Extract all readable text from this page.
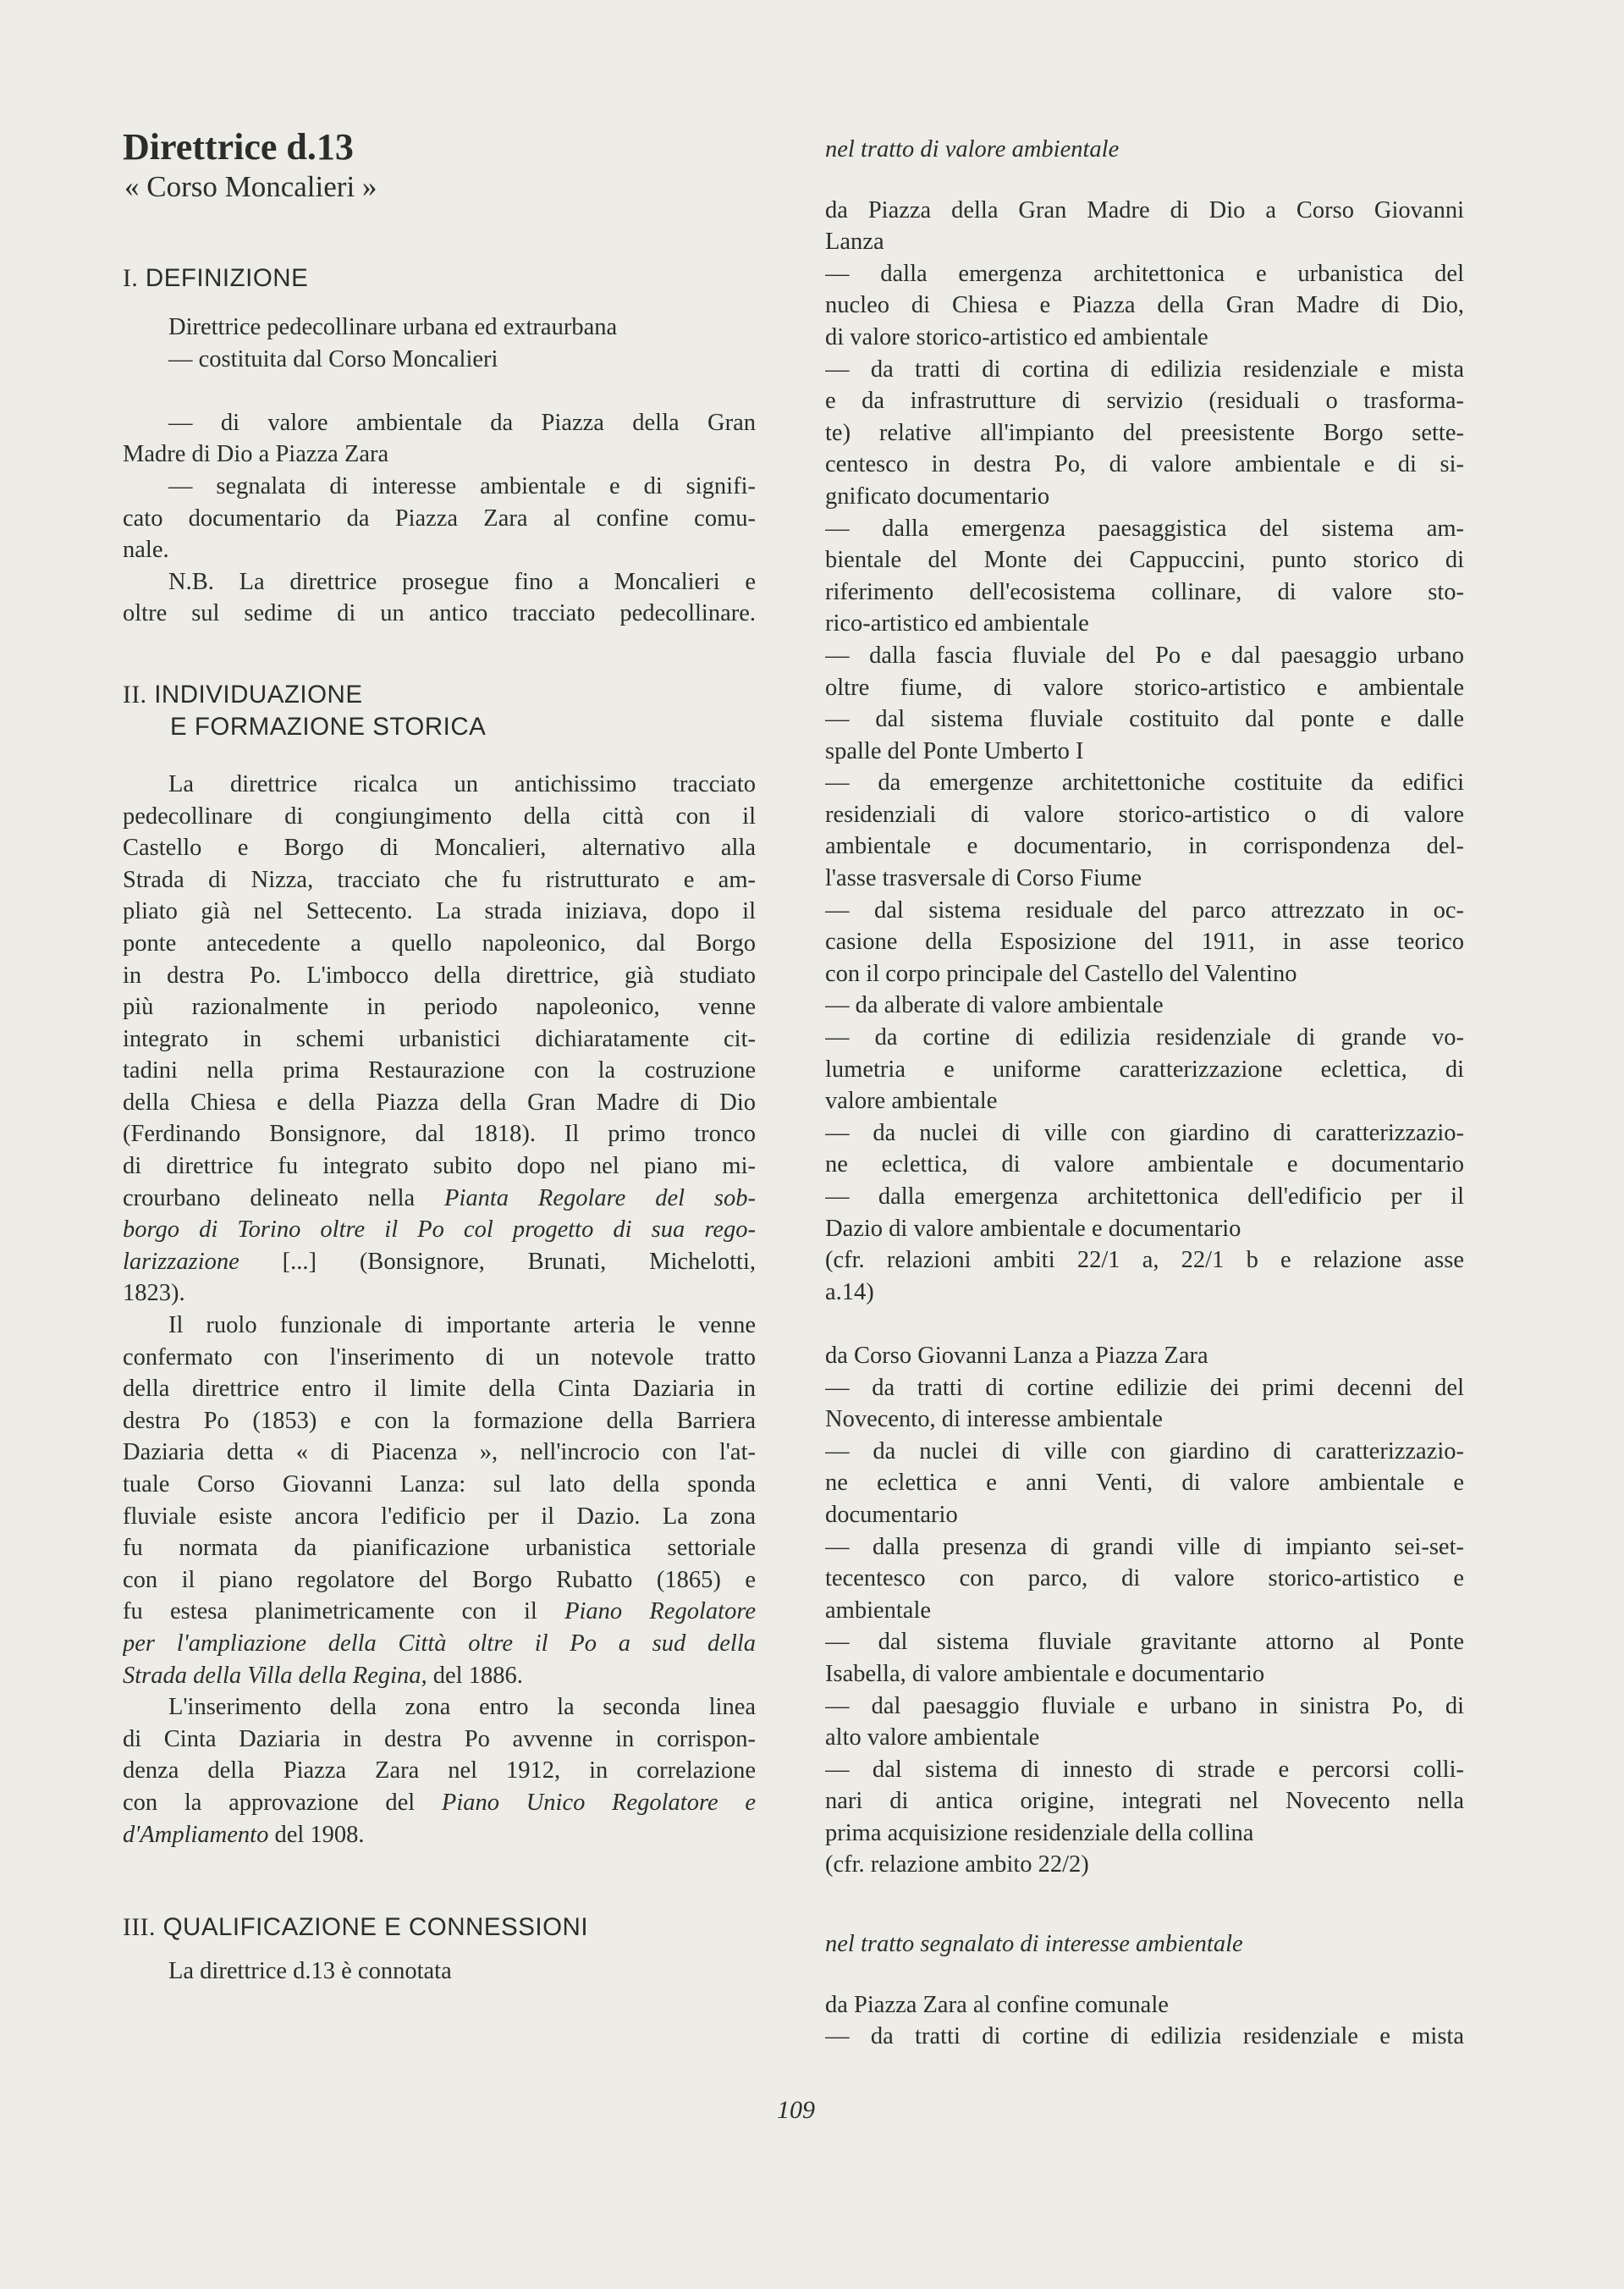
Direttrice d.13
« Corso Moncalieri »
I. DEFINIZIONE
Direttrice pedecollinare urbana ed extraurbana
— costituita dal Corso Moncalieri
— di valore ambientale da Piazza della Gran
Madre di Dio a Piazza Zara
— segnalata di interesse ambientale e di signifi-
cato documentario da Piazza Zara al confine comu-
nale.
N.B. La direttrice prosegue fino a Moncalieri e
oltre sul sedime di un antico tracciato pedecollinare.
II. INDIVIDUAZIONE
E FORMAZIONE STORICA
La direttrice ricalca un antichissimo tracciato
pedecollinare di congiungimento della città con il
Castello e Borgo di Moncalieri, alternativo alla
Strada di Nizza, tracciato che fu ristrutturato e am-
pliato già nel Settecento. La strada iniziava, dopo il
ponte antecedente a quello napoleonico, dal Borgo
in destra Po. L'imbocco della direttrice, già studiato
più razionalmente in periodo napoleonico, venne
integrato in schemi urbanistici dichiaratamente cit-
tadini nella prima Restaurazione con la costruzione
della Chiesa e della Piazza della Gran Madre di Dio
(Ferdinando Bonsignore, dal 1818). Il primo tronco
di direttrice fu integrato subito dopo nel piano mi-
crourbano delineato nella Pianta Regolare del sob-
borgo di Torino oltre il Po col progetto di sua rego-
larizzazione [...] (Bonsignore, Brunati, Michelotti,
1823).
Il ruolo funzionale di importante arteria le venne
confermato con l'inserimento di un notevole tratto
della direttrice entro il limite della Cinta Daziaria in
destra Po (1853) e con la formazione della Barriera
Daziaria detta « di Piacenza », nell'incrocio con l'at-
tuale Corso Giovanni Lanza: sul lato della sponda
fluviale esiste ancora l'edificio per il Dazio. La zona
fu normata da pianificazione urbanistica settoriale
con il piano regolatore del Borgo Rubatto (1865) e
fu estesa planimetricamente con il Piano Regolatore
per l'ampliazione della Città oltre il Po a sud della
Strada della Villa della Regina, del 1886.
L'inserimento della zona entro la seconda linea
di Cinta Daziaria in destra Po avvenne in corrispon-
denza della Piazza Zara nel 1912, in correlazione
con la approvazione del Piano Unico Regolatore e
d'Ampliamento del 1908.
III. QUALIFICAZIONE E CONNESSIONI
La direttrice d.13 è connotata
nel tratto di valore ambientale
da Piazza della Gran Madre di Dio a Corso Giovanni
Lanza
— dalla emergenza architettonica e urbanistica del
nucleo di Chiesa e Piazza della Gran Madre di Dio,
di valore storico-artistico ed ambientale
— da tratti di cortina di edilizia residenziale e mista
e da infrastrutture di servizio (residuali o trasforma-
te) relative all'impianto del preesistente Borgo sette-
centesco in destra Po, di valore ambientale e di si-
gnificato documentario
— dalla emergenza paesaggistica del sistema am-
bientale del Monte dei Cappuccini, punto storico di
riferimento dell'ecosistema collinare, di valore sto-
rico-artistico ed ambientale
— dalla fascia fluviale del Po e dal paesaggio urbano
oltre fiume, di valore storico-artistico e ambientale
— dal sistema fluviale costituito dal ponte e dalle
spalle del Ponte Umberto I
— da emergenze architettoniche costituite da edifici
residenziali di valore storico-artistico o di valore
ambientale e documentario, in corrispondenza del-
l'asse trasversale di Corso Fiume
— dal sistema residuale del parco attrezzato in oc-
casione della Esposizione del 1911, in asse teorico
con il corpo principale del Castello del Valentino
— da alberate di valore ambientale
— da cortine di edilizia residenziale di grande vo-
lumetria e uniforme caratterizzazione eclettica, di
valore ambientale
— da nuclei di ville con giardino di caratterizzazio-
ne eclettica, di valore ambientale e documentario
— dalla emergenza architettonica dell'edificio per il
Dazio di valore ambientale e documentario
(cfr. relazioni ambiti 22/1 a, 22/1 b e relazione asse
a.14)
da Corso Giovanni Lanza a Piazza Zara
— da tratti di cortine edilizie dei primi decenni del
Novecento, di interesse ambientale
— da nuclei di ville con giardino di caratterizzazio-
ne eclettica e anni Venti, di valore ambientale e
documentario
— dalla presenza di grandi ville di impianto sei-set-
tecentesco con parco, di valore storico-artistico e
ambientale
— dal sistema fluviale gravitante attorno al Ponte
Isabella, di valore ambientale e documentario
— dal paesaggio fluviale e urbano in sinistra Po, di
alto valore ambientale
— dal sistema di innesto di strade e percorsi colli-
nari di antica origine, integrati nel Novecento nella
prima acquisizione residenziale della collina
(cfr. relazione ambito 22/2)
nel tratto segnalato di interesse ambientale
da Piazza Zara al confine comunale
— da tratti di cortine di edilizia residenziale e mista
109
